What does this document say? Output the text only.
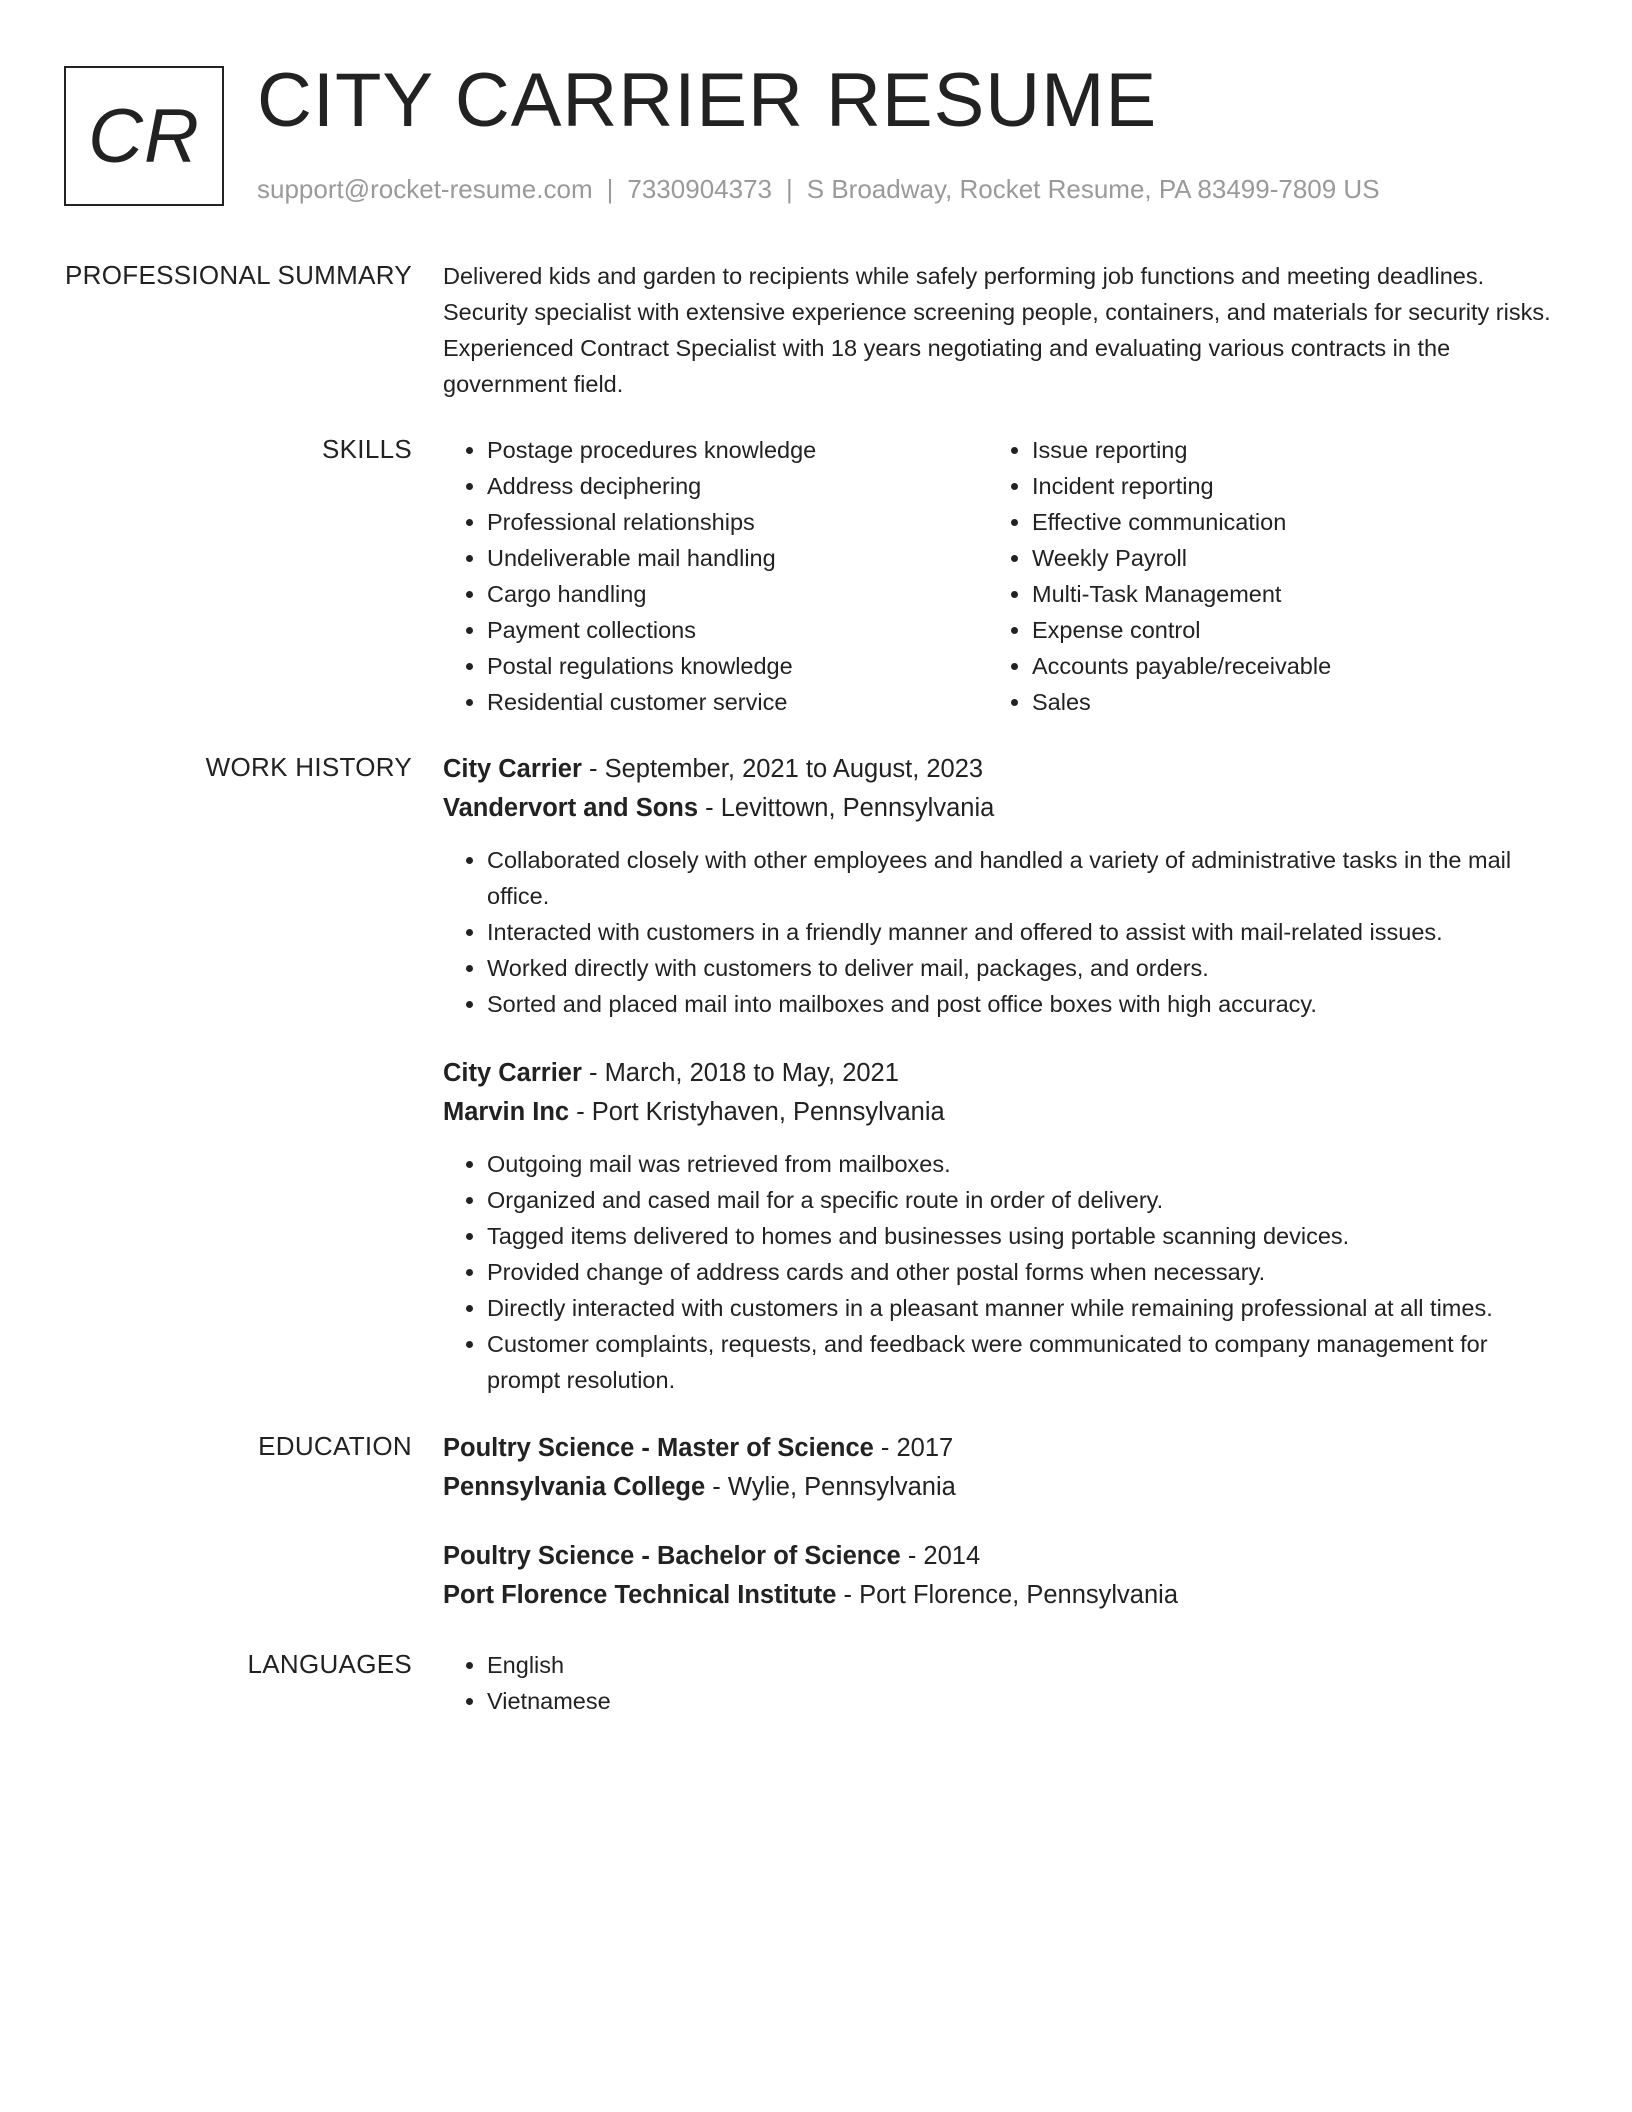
CR CITY CARRIER RESUME
support@rocket-resume.com | 7330904373 | S Broadway, Rocket Resume, PA 83499-7809 US
PROFESSIONAL SUMMARY Delivered kids and garden to recipients while safely performing job functions and meeting deadlines. Security specialist with extensive experience screening people, containers, and materials for security risks. Experienced Contract Specialist with 18 years negotiating and evaluating various contracts in the government field.

SKILLS	• Postage procedures knowledge
• Address deciphering
• Professional relationships
• Undeliverable mail handling
• Cargo handling
• Payment collections
• Postal regulations knowledge
• Residential customer service
• Issue reporting
• Incident reporting
• Effective communication
• Weekly Payroll
• Multi-Task Management
• Expense control
• Accounts payable/receivable
• Sales
WORK HISTORY City Carrier - September, 2021 to August, 2023
Vandervort and Sons - Levittown, Pennsylvania
• Collaborated closely with other employees and handled a variety of administrative tasks in the mail office.
• Interacted with customers in a friendly manner and offered to assist with mail-related issues.
• Worked directly with customers to deliver mail, packages, and orders.
• Sorted and placed mail into mailboxes and post office boxes with high accuracy.
City Carrier - March, 2018 to May, 2021
Marvin Inc - Port Kristyhaven, Pennsylvania
• Outgoing mail was retrieved from mailboxes.
• Organized and cased mail for a specific route in order of delivery.
• Tagged items delivered to homes and businesses using portable scanning devices.
• Provided change of address cards and other postal forms when necessary.
• Directly interacted with customers in a pleasant manner while remaining professional at all times.
• Customer complaints, requests, and feedback were communicated to company management for prompt resolution.
EDUCATION Poultry Science - Master of Science - 2017
Pennsylvania College - Wylie, Pennsylvania
Poultry Science - Bachelor of Science - 2014
Port Florence Technical Institute - Port Florence, Pennsylvania
LANGUAGES	• English
• Vietnamese
